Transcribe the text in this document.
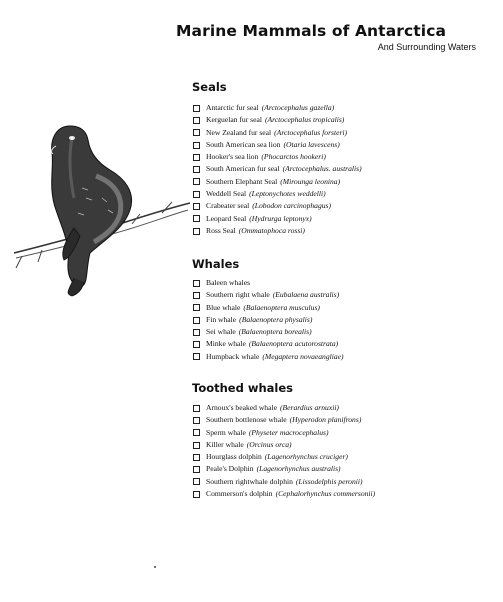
Marine Mammals of Antarctica

And Surrounding Waters

Seals
Antarctic fur seal (Arctocephalus gazella)
Kerguelan fur seal (Arctocephalus tropicalis)
New Zealand fur seal (Arctocephalus forsteri)
South American sea lion (Otaria lavescens)
Hooker's sea lion (Phocarctos hookeri)
South American fur seal (Arctocephalus. australis)
Southern Elephant Seal (Mirounga leonina)
Weddell Seal (Leptonychotes weddelli)
Crabeater seal (Lobodon carcinophagus)
Leopard Seal (Hydrurga leptonyx)
Ross Seal (Ommatophoca rossi)
Whales
Baleen whales
Southern right whale (Eubalaena australis)
Blue whale (Balaenoptera musculus)
Fin whale (Balaenoptera physalis)
Sei whale (Balaenoptera borealis)
Minke whale (Balaenoptera acutorostrata)
Humpback whale (Megaptera novaeangliae)
Toothed whales
Arnoux's beaked whale (Berardius arnuxii)
Southern bottlenose whale (Hyperodon planifrons)
Sperm whale (Physeter macrocephalus)
Killer whale (Orcinus orca)
Hourglass dolphin (Lagenorhynchus cruciger)
Peale's Dolphin (Lagenorhynchus australis)
Southern rightwhale dolphin (Lissodelphis peronii)
Commerson's dolphin (Cephalorhynchus commersonii)
